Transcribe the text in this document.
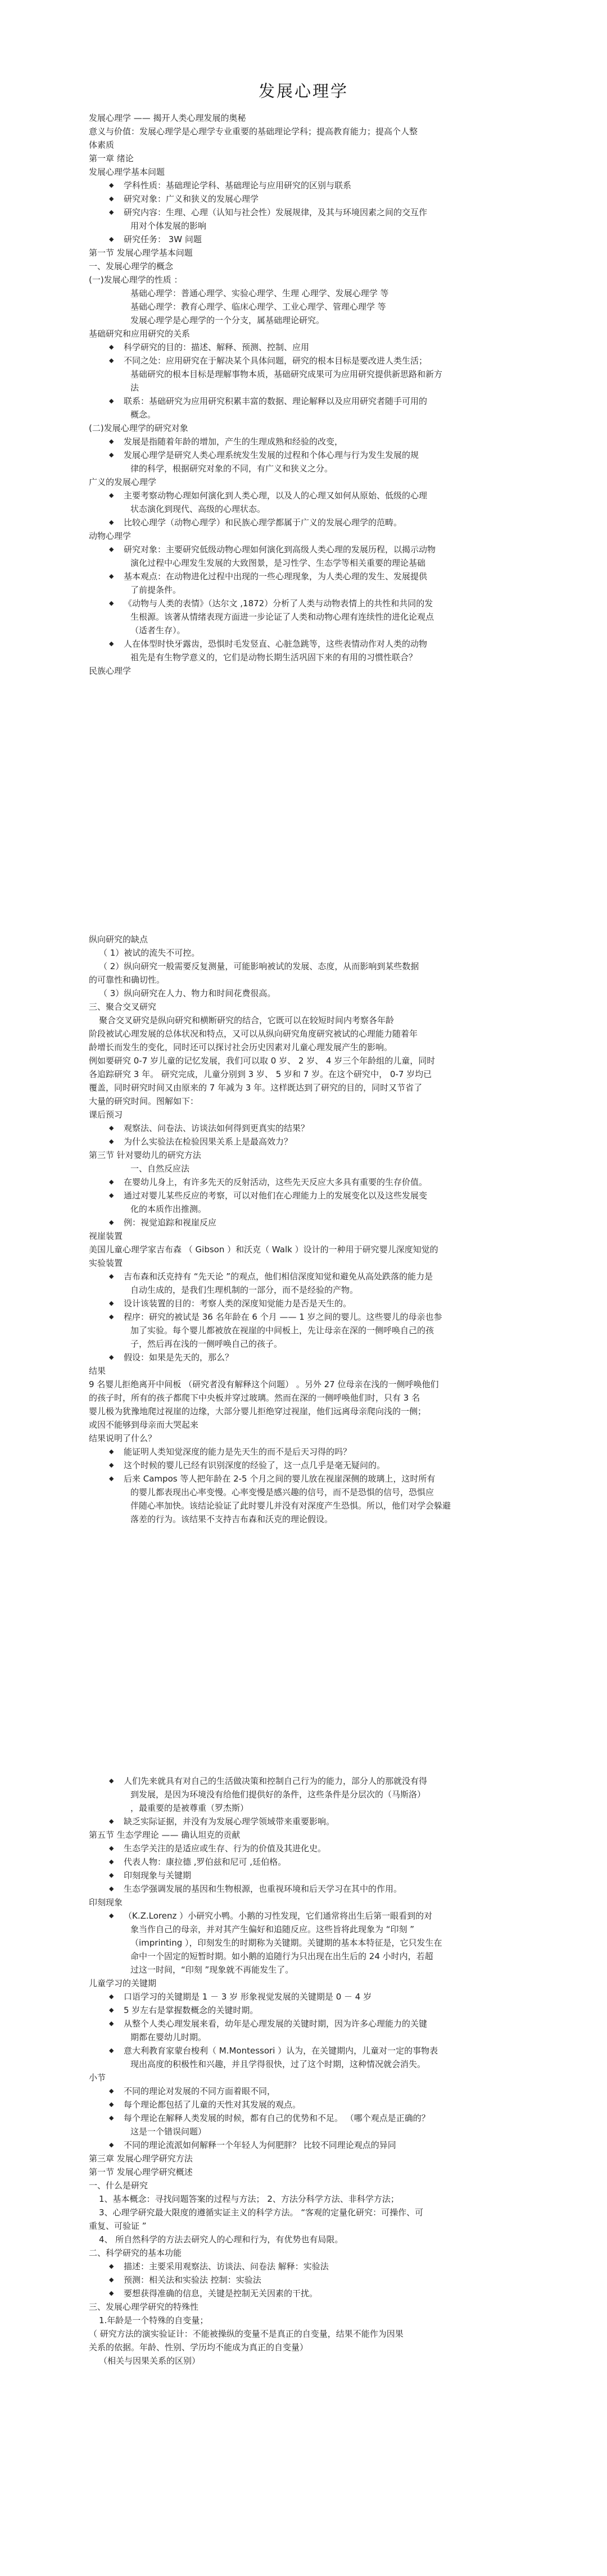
发展心理学
发展心理学 —— 揭开人类心理发展的奥秘
意义与价值：发展心理学是心理学专业重要的基础理论学科；提高教育能力；提高个人整
体素质
第一章 绪论
发展心理学基本问题
◆ 学科性质：基础理论学科、基础理论与应用研究的区别与联系
◆ 研究对象：广义和狭义的发展心理学
◆ 研究内容：生理、心理（认知与社会性）发展规律，及其与环境因素之间的交互作
用对个体发展的影响
◆ 研究任务： 3W 问题
第一节 发展心理学基本问题
一、发展心理学的概念
(一)发展心理学的性质 ：
基础心理学：普通心理学、实验心理学、生理 心理学、发展心理学 等
基础心理学：教育心理学、临床心理学、工业心理学、管理心理学 等
发展心理学是心理学的一个分支，属基础理论研究。
基础研究和应用研究的关系
◆ 科学研究的目的：描述、解释、预测、控制、应用
◆ 不同之处：应用研究在于解决某个具体问题，研究的根本目标是要改进人类生活；
基础研究的根本目标是理解事物本质，基础研究成果可为应用研究提供新思路和新方
法
◆ 联系：基础研究为应用研究积累丰富的数据、理论解释以及应用研究者随手可用的
概念。
(二)发展心理学的研究对象
◆ 发展是指随着年龄的增加，产生的生理成熟和经验的改变，
◆ 发展心理学是研究人类心理系统发生发展的过程和个体心理与行为发生发展的规
律的科学，根据研究对象的不同，有广义和狭义之分。
广义的发展心理学
◆ 主要考察动物心理如何演化到人类心理，以及人的心理又如何从原始、低级的心理
状态演化到现代、高级的心理状态。
◆ 比较心理学（动物心理学）和民族心理学都属于广义的发展心理学的范畴。
动物心理学
◆ 研究对象：主要研究低级动物心理如何演化到高级人类心理的发展历程，以揭示动物
演化过程中心理发生发展的大致图景，是习性学、生态学等相关重要的理论基础
◆ 基本观点：在动物进化过程中出现的一些心理现象，为人类心理的发生、发展提供
了前提条件。
◆ 《动物与人类的表情》（达尔文 ,1872）分析了人类与动物表情上的共性和共同的发
生根源。该著从情绪表现方面进一步论证了人类和动物心理有连续性的进化论观点
（适者生存）。
◆ 人在体型时快牙露齿，恐惧时毛发竖直、心脏急跳等，这些表情动作对人类的动物
祖先是有生物学意义的，它们是动物长期生活巩固下来的有用的习惯性联合？
民族心理学
纵向研究的缺点
（ 1）被试的流失不可控。
（ 2）纵向研究一般需要反复测量，可能影响被试的发展、态度，从而影响到某些数据
的可靠性和确切性。
（ 3）纵向研究在人力、物力和时间花费很高。
三、聚合交叉研究
聚合交叉研究是纵向研究和横断研究的结合，它既可以在较短时间内考察各年龄
阶段被试心理发展的总体状况和特点，又可以从纵向研究角度研究被试的心理能力随着年
龄增长而发生的变化，同时还可以探讨社会历史因素对儿童心理发展产生的影响。
例如要研究 0-7 岁儿童的记忆发展，我们可以取 0 岁、 2 岁、 4 岁三个年龄组的儿童，同时
各追踪研究 3 年。 研究完成，儿童分别到 3 岁、 5 岁和 7 岁。在这个研究中， 0-7 岁均已
覆盖，同时研究时间又由原来的 7 年减为 3 年。这样既达到了研究的目的，同时又节省了
大量的研究时间。图解如下：
课后预习
◆ 观察法、问卷法、访谈法如何得到更真实的结果？
◆ 为什么实验法在检验因果关系上是最高效力？
第三节 针对婴幼儿的研究方法
一、自然反应法
◆ 在婴幼儿身上，有许多先天的反射活动，这些先天反应大多具有重要的生存价值。
◆ 通过对婴儿某些反应的考察，可以对他们在心理能力上的发展变化以及这些发展变
化的本质作出推测。
◆ 例：视觉追踪和视崖反应
视崖装置
美国儿童心理学家吉布森 （ Gibson ）和沃克（ Walk ）设计的一种用于研究婴儿深度知觉的
实验装置
◆ 吉布森和沃克持有 “先天论 ”的观点，他们相信深度知觉和避免从高处跌落的能力是
自动生成的，是我们生理机制的一部分，而不是经验的产物。
◆ 设计该装置的目的：考察人类的深度知觉能力是否是天生的。
◆ 程序：研究的被试是 36 名年龄在 6 个月 —— 1 岁之间的婴儿。这些婴儿的母亲也参
加了实验。每个婴儿都被放在视崖的中间板上，先让母亲在深的一侧呼唤自己的孩
子，然后再在浅的一侧呼唤自己的孩子。
◆ 假设：如果是先天的，那么？
结果
9 名婴儿拒绝离开中间板 （研究者没有解释这个问题） 。另外 27 位母亲在浅的一侧呼唤他们
的孩子时，所有的孩子都爬下中央板并穿过玻璃。然而在深的一侧呼唤他们时，只有 3 名
婴儿极为犹豫地爬过视崖的边缘，大部分婴儿拒绝穿过视崖，他们远离母亲爬向浅的一侧；
或因不能够到母亲而大哭起来
结果说明了什么？
◆ 能证明人类知觉深度的能力是先天生的而不是后天习得的吗？
◆ 这个时候的婴儿已经有识别深度的经验了，这一点几乎是毫无疑问的。
◆ 后来 Campos 等人把年龄在 2-5 个月之间的婴儿放在视崖深侧的玻璃上，这时所有
的婴儿都表现出心率变慢。心率变慢是感兴趣的信号，而不是恐惧的信号，恐惧应
伴随心率加快。该结论验证了此时婴儿并没有对深度产生恐惧。所以，他们对学会躲避
落差的行为。该结果不支持吉布森和沃克的理论假设。
◆ 人们先来就具有对自己的生活做决策和控制自己行为的能力，部分人的那就没有得
到发展，是因为环境没有给他们提供好的条件，这些条件是分层次的（马斯洛）
，最重要的是被尊重（罗杰斯）
◆ 缺乏实际证据，并没有为发展心理学领域带来重要影响。
第五节 生态学理论 —— 确认坦克的贡献
◆ 生态学关注的是适应或生存、行为的价值及其进化史。
◆ 代表人物：康拉德 ,罗伯兹和尼可 ,廷伯格。
◆ 印刻现象与关键期
◆ 生态学强调发展的基因和生物根源，也重视环境和后天学习在其中的作用。
印刻现象
◆ （K.Z.Lorenz ）小研究小鸭。小鹅的习性发现，它们通常将出生后第一眼看到的对
象当作自己的母亲，并对其产生偏好和追随反应。这些旨将此现象为 “印刻 ”
（imprinting ），印刻发生的时期称为关键期。关键期的基本本特征是，它只发生在
命中一个固定的短暂时期。如小鹅的追随行为只出现在出生后的 24 小时内，若超
过这一时间，“印刻 ”现象就不再能发生了。
儿童学习的关键期
◆ 口语学习的关键期是 1 － 3 岁 形象视觉发展的关键期是 0 － 4 岁
◆ 5 岁左右是掌握数概念的关键时期。
◆ 从整个人类心理发展来看，幼年是心理发展的关键时期，因为许多心理能力的关键
期都在婴幼儿时期。
◆ 意大利教育家蒙台梭利（ M.Montessori ）认为，在关键期内，儿童对一定的事物表
现出高度的积极性和兴趣，并且学得很快，过了这个时期，这种情况就会消失。
小节
◆ 不同的理论对发展的不同方面着眼不同，
◆ 每个理论都包括了儿童的天性对其发展的观点。
◆ 每个理论在解释人类发展的时候，都有自己的优势和不足。 （哪个观点是正确的？
这是一个错误问题）
◆ 不同的理论流派如何解释一个年轻人为何肥胖？ 比较不同理论观点的异同
第三章 发展心理学研究方法
第一节 发展心理学研究概述
一、什么是研究
1、基本概念：寻找问题答案的过程与方法； 2、方法分科学方法、非科学方法；
3、心理学研究最大限度的遵循实证主义的科学方法。 “客观的定量化研究：可操作、可
重复、可验证 ”
4、 所自然科学的方法去研究人的心理和行为，有优势也有局限。
二、科学研究的基本功能
◆ 描述：主要采用观察法、访谈法、问卷法 解释：实验法
◆ 预测：相关法和实验法 控制：实验法
◆ 要想获得准确的信息，关键是控制无关因素的干扰。
三、发展心理学研究的特殊性
1.年龄是一个特殊的自变量；
（ 研究方法的演实验证计：不能被操纵的变量不是真正的自变量，结果不能作为因果
关系的依据。年龄、性别、学历均不能成为真正的自变量）
（相关与因果关系的区别）
